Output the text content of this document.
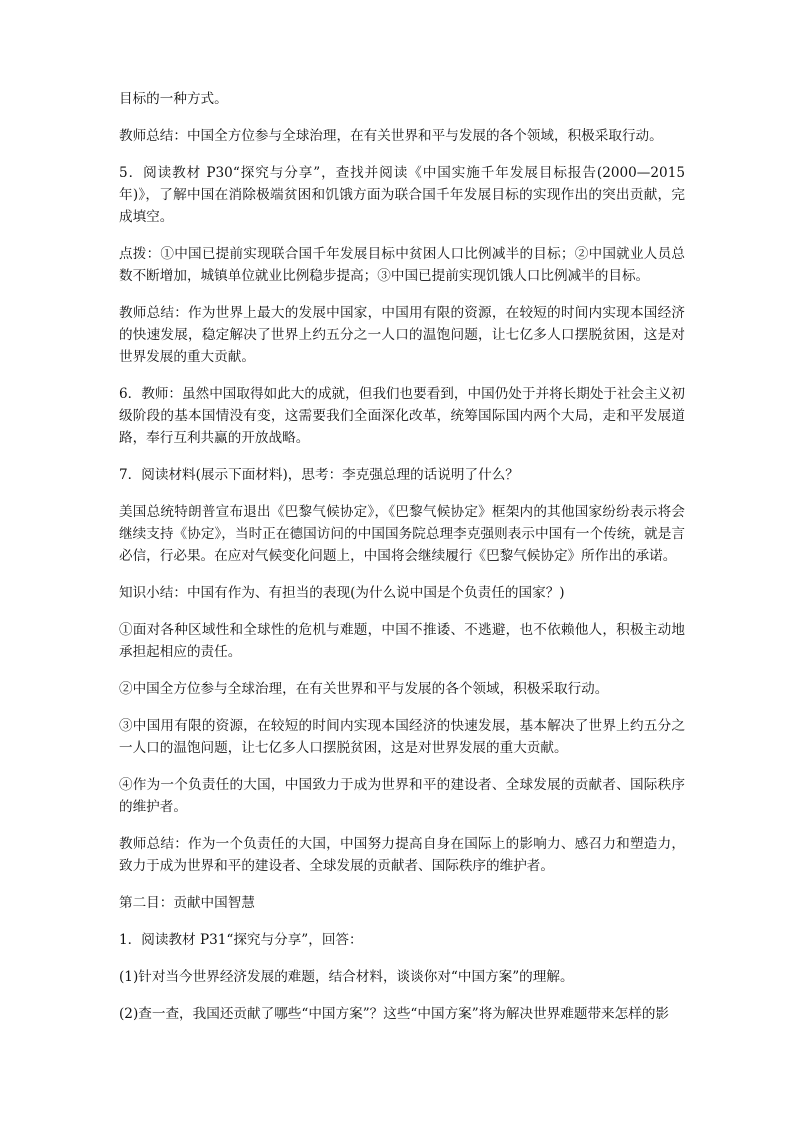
目标的一种方式。

教师总结：中国全方位参与全球治理，在有关世界和平与发展的各个领域，积极采取行动。

5．阅读教材 P30“探究与分享”，查找并阅读《中国实施千年发展目标报告(2000—2015年)》，了解中国在消除极端贫困和饥饿方面为联合国千年发展目标的实现作出的突出贡献，完成填空。

点拨：①中国已提前实现联合国千年发展目标中贫困人口比例减半的目标；②中国就业人员总数不断增加，城镇单位就业比例稳步提高；③中国已提前实现饥饿人口比例减半的目标。

教师总结：作为世界上最大的发展中国家，中国用有限的资源，在较短的时间内实现本国经济的快速发展，稳定解决了世界上约五分之一人口的温饱问题，让七亿多人口摆脱贫困，这是对世界发展的重大贡献。

6．教师：虽然中国取得如此大的成就，但我们也要看到，中国仍处于并将长期处于社会主义初级阶段的基本国情没有变，这需要我们全面深化改革，统筹国际国内两个大局，走和平发展道路，奉行互利共赢的开放战略。

7．阅读材料(展示下面材料)，思考：李克强总理的话说明了什么？

美国总统特朗普宣布退出《巴黎气候协定》，《巴黎气候协定》框架内的其他国家纷纷表示将会继续支持《协定》，当时正在德国访问的中国国务院总理李克强则表示中国有一个传统，就是言必信，行必果。在应对气候变化问题上，中国将会继续履行《巴黎气候协定》所作出的承诺。

知识小结：中国有作为、有担当的表现(为什么说中国是个负责任的国家？)

①面对各种区域性和全球性的危机与难题，中国不推诿、不逃避，也不依赖他人，积极主动地承担起相应的责任。

②中国全方位参与全球治理，在有关世界和平与发展的各个领域，积极采取行动。

③中国用有限的资源，在较短的时间内实现本国经济的快速发展，基本解决了世界上约五分之一人口的温饱问题，让七亿多人口摆脱贫困，这是对世界发展的重大贡献。

④作为一个负责任的大国，中国致力于成为世界和平的建设者、全球发展的贡献者、国际秩序的维护者。

教师总结：作为一个负责任的大国，中国努力提高自身在国际上的影响力、感召力和塑造力，致力于成为世界和平的建设者、全球发展的贡献者、国际秩序的维护者。

第二目：贡献中国智慧

1．阅读教材 P31“探究与分享”，回答：

(1)针对当今世界经济发展的难题，结合材料，谈谈你对“中国方案”的理解。

(2)查一查，我国还贡献了哪些“中国方案”？这些“中国方案”将为解决世界难题带来怎样的影
